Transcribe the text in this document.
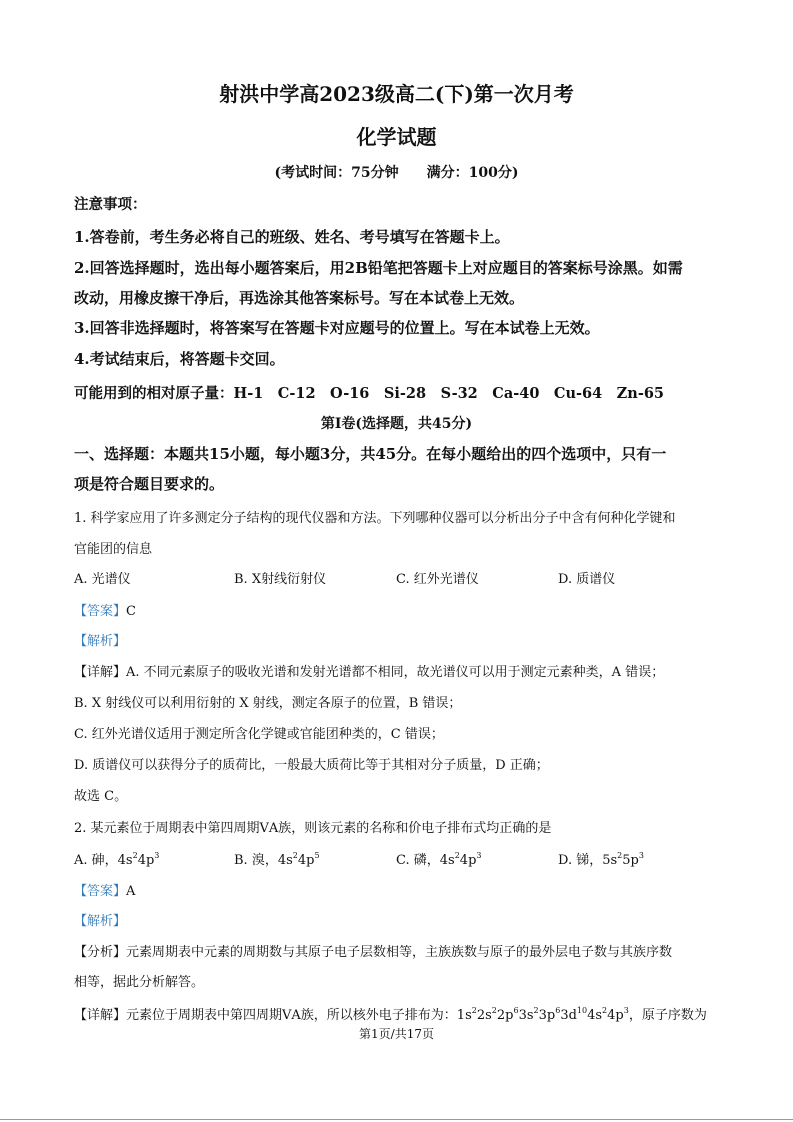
射洪中学高2023级高二(下)第一次月考
化学试题
(考试时间：75分钟　　满分：100分)
注意事项：
1.答卷前，考生务必将自己的班级、姓名、考号填写在答题卡上。
2.回答选择题时，选出每小题答案后，用2B铅笔把答题卡上对应题目的答案标号涂黑。如需
改动，用橡皮擦干净后，再选涂其他答案标号。写在本试卷上无效。
3.回答非选择题时，将答案写在答题卡对应题号的位置上。写在本试卷上无效。
4.考试结束后，将答题卡交回。
可能用到的相对原子量：H-1　C-12　O-16　Si-28　S-32　Ca-40　Cu-64　Zn-65
第Ⅰ卷(选择题，共45分)
一、选择题：本题共15小题，每小题3分，共45分。在每小题给出的四个选项中，只有一
项是符合题目要求的。
1. 科学家应用了许多测定分子结构的现代仪器和方法。下列哪种仪器可以分析出分子中含有何种化学键和
官能团的信息
A. 光谱仪	B. X射线衍射仪	C. 红外光谱仪	D. 质谱仪
【答案】C
【解析】
【详解】A. 不同元素原子的吸收光谱和发射光谱都不相同，故光谱仪可以用于测定元素种类，A 错误；
B. X 射线仪可以利用衍射的 X 射线，测定各原子的位置，B 错误；
C. 红外光谱仪适用于测定所含化学键或官能团种类的，C 错误；
D. 质谱仪可以获得分子的质荷比，一般最大质荷比等于其相对分子质量，D 正确；
故选 C。
2. 某元素位于周期表中第四周期ⅤA族，则该元素的名称和价电子排布式均正确的是
A. 砷，$4s^24p^3$	B. 溴，$4s^24p^5$	C. 磷，$4s^24p^3$	D. 锑，$5s^25p^3$
【答案】A
【解析】
【分析】元素周期表中元素的周期数与其原子电子层数相等，主族族数与原子的最外层电子数与其族序数
相等，据此分析解答。
【详解】元素位于周期表中第四周期ⅤA族，所以核外电子排布为：$1s^22s^22p^63s^23p^63d^{10}4s^24p^3$，原子序数为
第1页/共17页
